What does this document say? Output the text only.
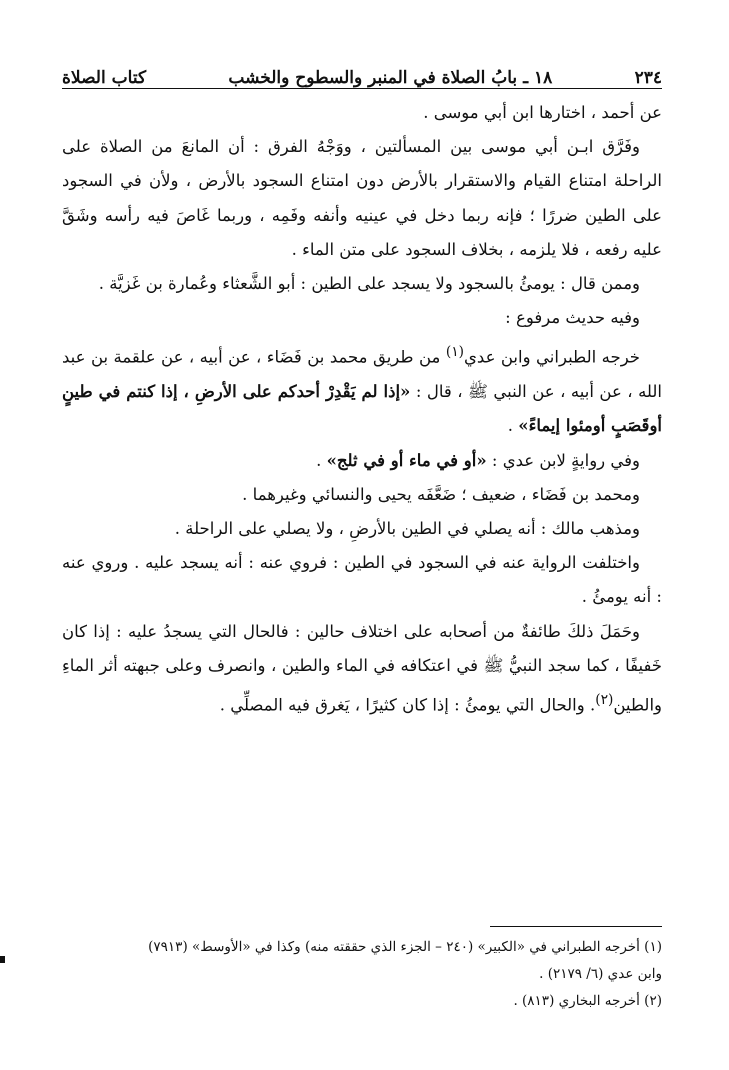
٢٣٤
١٨ ـ بابُ الصلاة في المنبر والسطوح والخشب
كتاب الصلاة

عن أحمد ، اختارها ابن أبي موسى .

وفَرَّق ابـن أبي موسى بين المسألتين ، ووَجْهُ الفرق : أن المانعَ من الصلاة على الراحلة امتناع القيام والاستقرار بالأرض دون امتناع السجود بالأرض ، ولأن في السجود على الطين ضررًا ؛ فإنه ربما دخل في عينيه وأنفه وفَمِه ، وربما غَاصَ فيه رأسه وشَقَّ عليه رفعه ، فلا يلزمه ، بخلاف السجود على متن الماء .

وممن قال : يومئُ بالسجود ولا يسجد على الطين : أبو الشَّعثاء وعُمارة بن غَزيَّة .

وفيه حديث مرفوع :

خرجه الطبراني وابن عدي$^{(١)}$ من طريق محمد بن فَضَاء ، عن أبيه ، عن علقمة بن عبد الله ، عن أبيه ، عن النبي ﷺ ، قال : «إذا لم يَقْدِرْ أحدكم على الأرضِ ، إذا كنتم في طينٍ أوقَصَبٍ أومئوا إيماءً» .

وفي روايةٍ لابن عدي : «أو في ماء أو في ثلج» .

ومحمد بن فَضَاء ، ضعيف ؛ ضَعَّفَه يحيى والنسائي وغيرهما .

ومذهب مالك : أنه يصلي في الطين بالأرضِ ، ولا يصلي على الراحلة .

واختلفت الرواية عنه في السجود في الطين : فروي عنه : أنه يسجد عليه . وروي عنه : أنه يومئُ .

وحَمَلَ ذلكَ طائفةٌ من أصحابه على اختلاف حالين : فالحال التي يسجدُ عليه : إذا كان خَفيفًا ، كما سجد النبيُّ ﷺ في اعتكافه في الماء والطين ، وانصرف وعلى جبهته أثر الماءِ والطين$^{(٢)}$. والحال التي يومئُ : إذا كان كثيرًا ، يَغرق فيه المصلِّي .

(١) أخرجه الطبراني في «الكبير» (٢٤٠ – الجزء الذي حققته منه) وكذا في «الأوسط» (٧٩١٣)
وابن عدي (٦/ ٢١٧٩) .

(٢) أخرجه البخاري (٨١٣) .
